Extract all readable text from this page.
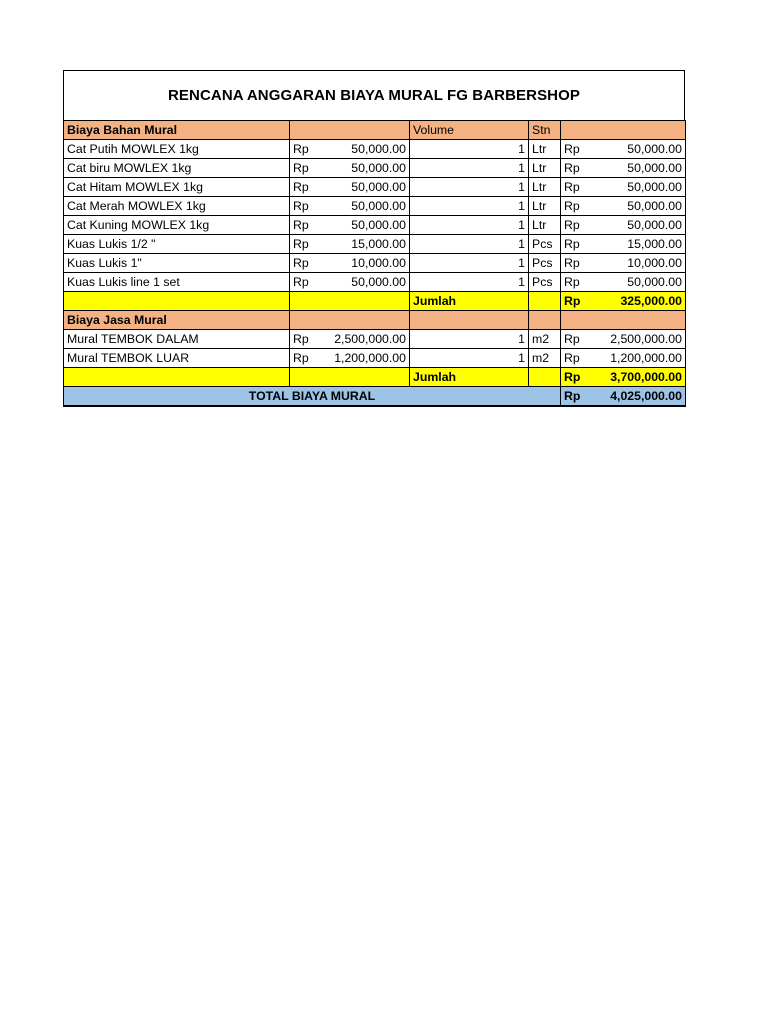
RENCANA ANGGARAN BIAYA MURAL FG BARBERSHOP
Biaya Bahan Mural			Volume	Stn		
Cat Putih MOWLEX 1kg	Rp	50,000.00	1	Ltr	Rp	50,000.00
Cat biru MOWLEX 1kg	Rp	50,000.00	1	Ltr	Rp	50,000.00
Cat Hitam MOWLEX 1kg	Rp	50,000.00	1	Ltr	Rp	50,000.00
Cat Merah MOWLEX 1kg	Rp	50,000.00	1	Ltr	Rp	50,000.00
Cat Kuning MOWLEX 1kg	Rp	50,000.00	1	Ltr	Rp	50,000.00
Kuas Lukis 1/2 "	Rp	15,000.00	1	Pcs	Rp	15,000.00
Kuas Lukis 1"	Rp	10,000.00	1	Pcs	Rp	10,000.00
Kuas Lukis line 1 set	Rp	50,000.00	1	Pcs	Rp	50,000.00
			Jumlah		Rp	325,000.00
Biaya Jasa Mural						
Mural TEMBOK DALAM	Rp	2,500,000.00	1	m2	Rp	2,500,000.00
Mural TEMBOK LUAR	Rp	1,200,000.00	1	m2	Rp	1,200,000.00
			Jumlah		Rp	3,700,000.00
TOTAL BIAYA MURAL					Rp	4,025,000.00
